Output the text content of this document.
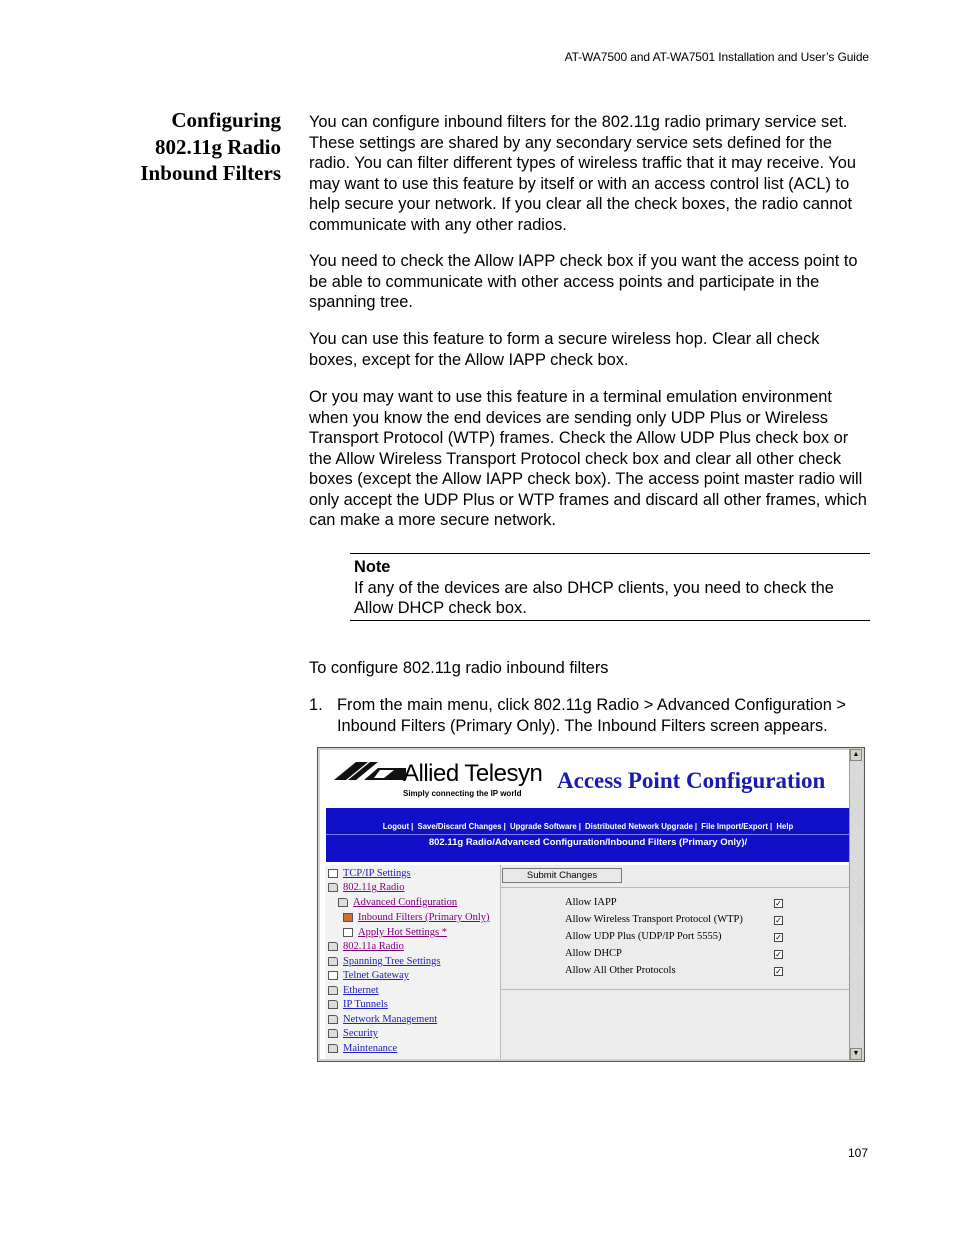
AT-WA7500 and AT-WA7501 Installation and User’s Guide
Configuring 802.11g Radio Inbound Filters

You can configure inbound filters for the 802.11g radio primary service set. These settings are shared by any secondary service sets defined for the radio. You can filter different types of wireless traffic that it may receive. You may want to use this feature by itself or with an access control list (ACL) to help secure your network. If you clear all the check boxes, the radio cannot communicate with any other radios.

You need to check the Allow IAPP check box if you want the access point to be able to communicate with other access points and participate in the spanning tree.

You can use this feature to form a secure wireless hop. Clear all check boxes, except for the Allow IAPP check box.

Or you may want to use this feature in a terminal emulation environment when you know the end devices are sending only UDP Plus or Wireless Transport Protocol (WTP) frames. Check the Allow UDP Plus check box or the Allow Wireless Transport Protocol check box and clear all other check boxes (except the Allow IAPP check box). The access point master radio will only accept the UDP Plus or WTP frames and discard all other frames, which can make a more secure network.

Note
If any of the devices are also DHCP clients, you need to check the Allow DHCP check box.
To configure 802.11g radio inbound filters
1. From the main menu, click 802.11g Radio > Advanced Configuration > Inbound Filters (Primary Only). The Inbound Filters screen appears.
Allied Telesyn
Simply connecting the IP world
Access Point Configuration
Logout | Save/Discard Changes | Upgrade Software | Distributed Network Upgrade | File Import/Export | Help
802.11g Radio/Advanced Configuration/Inbound Filters (Primary Only)/
TCP/IP Settings
802.11g Radio
Advanced Configuration
Inbound Filters (Primary Only)
Apply Hot Settings *
802.11a Radio
Spanning Tree Settings
Telnet Gateway
Ethernet
IP Tunnels
Network Management
Security
Maintenance
Submit Changes
Allow IAPP	✓
Allow Wireless Transport Protocol (WTP)	✓
Allow UDP Plus (UDP/IP Port 5555)	✓
Allow DHCP	✓
Allow All Other Protocols	✓
▲
▼
107
